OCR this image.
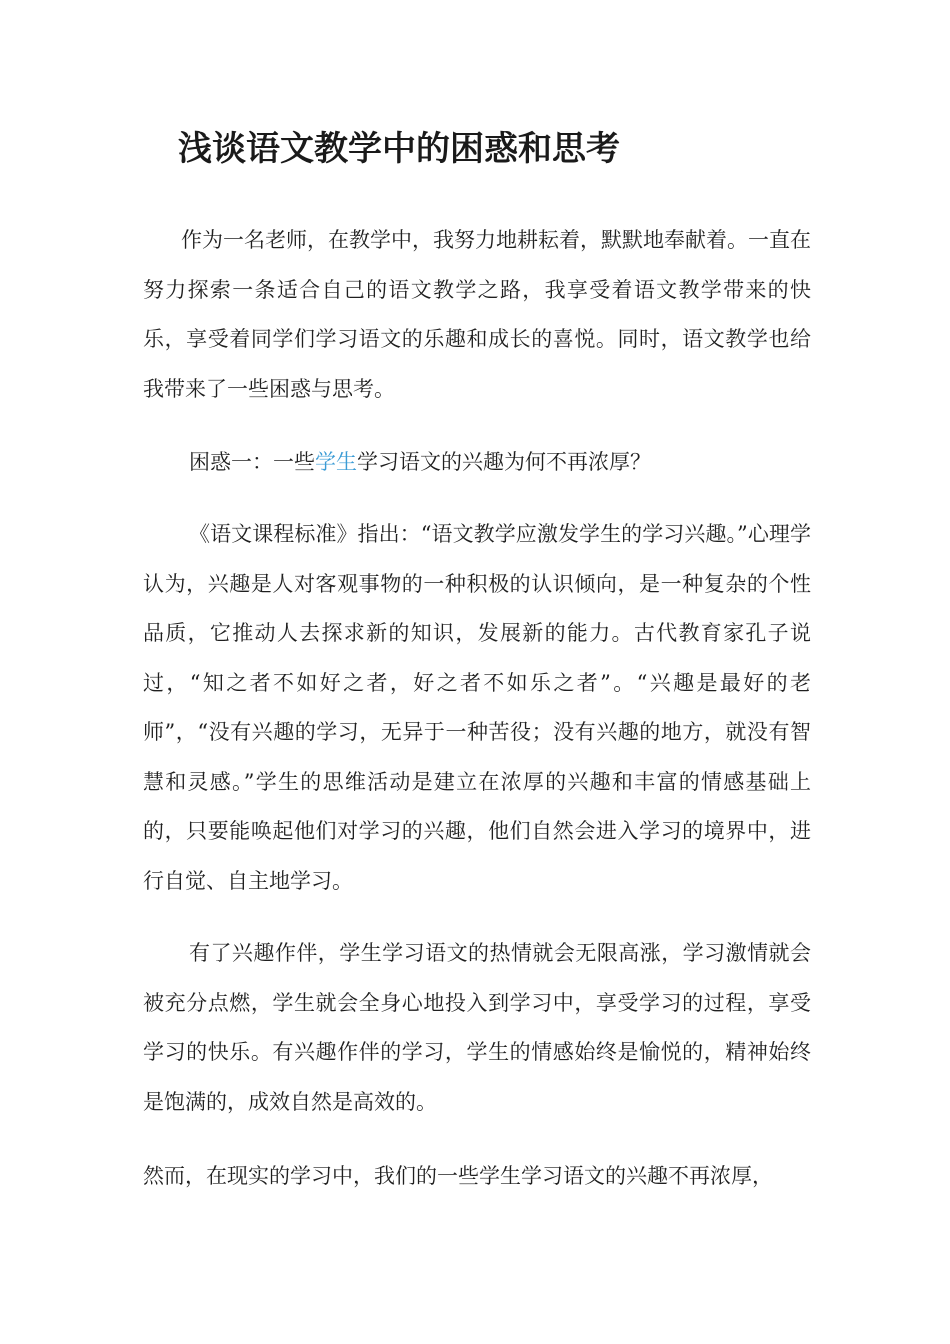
浅谈语文教学中的困惑和思考

作为一名老师，在教学中，我努力地耕耘着，默默地奉献着。一直在努力探索一条适合自己的语文教学之路，我享受着语文教学带来的快乐，享受着同学们学习语文的乐趣和成长的喜悦。同时，语文教学也给我带来了一些困惑与思考。

困惑一：一些学生学习语文的兴趣为何不再浓厚？

《语文课程标准》指出：“语文教学应激发学生的学习兴趣。”心理学认为，兴趣是人对客观事物的一种积极的认识倾向，是一种复杂的个性品质，它推动人去探求新的知识，发展新的能力。古代教育家孔子说过，“知之者不如好之者，好之者不如乐之者”。“兴趣是最好的老师”，“没有兴趣的学习，无异于一种苦役；没有兴趣的地方，就没有智慧和灵感。”学生的思维活动是建立在浓厚的兴趣和丰富的情感基础上的，只要能唤起他们对学习的兴趣，他们自然会进入学习的境界中，进行自觉、自主地学习。

有了兴趣作伴，学生学习语文的热情就会无限高涨，学习激情就会被充分点燃，学生就会全身心地投入到学习中，享受学习的过程，享受学习的快乐。有兴趣作伴的学习，学生的情感始终是愉悦的，精神始终是饱满的，成效自然是高效的。

然而，在现实的学习中，我们的一些学生学习语文的兴趣不再浓厚，
